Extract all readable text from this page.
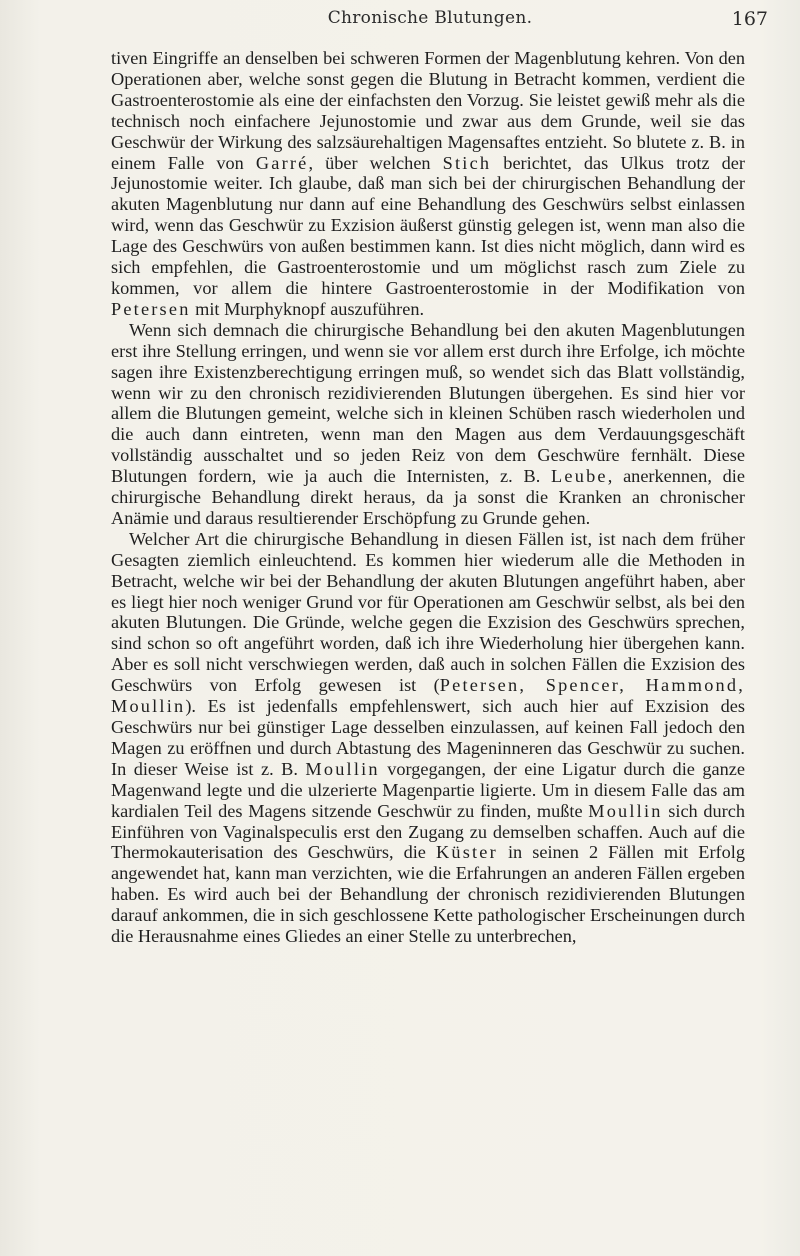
Chronische Blutungen.	167

tiven Eingriffe an denselben bei schweren Formen der Magenblutung kehren. Von den Operationen aber, welche sonst gegen die Blutung in Betracht kommen, verdient die Gastroenterostomie als eine der einfachsten den Vorzug. Sie leistet gewiß mehr als die technisch noch einfachere Jejunostomie und zwar aus dem Grunde, weil sie das Geschwür der Wirkung des salzsäurehaltigen Magensaftes entzieht. So blutete z. B. in einem Falle von Garré, über welchen Stich berichtet, das Ulkus trotz der Jejunostomie weiter. Ich glaube, daß man sich bei der chirurgischen Behandlung der akuten Magenblutung nur dann auf eine Behandlung des Geschwürs selbst einlassen wird, wenn das Geschwür zu Exzision äußerst günstig gelegen ist, wenn man also die Lage des Geschwürs von außen bestimmen kann. Ist dies nicht möglich, dann wird es sich empfehlen, die Gastroenterostomie und um möglichst rasch zum Ziele zu kommen, vor allem die hintere Gastroenterostomie in der Modifikation von Petersen mit Murphyknopf auszuführen.

Wenn sich demnach die chirurgische Behandlung bei den akuten Magenblutungen erst ihre Stellung erringen, und wenn sie vor allem erst durch ihre Erfolge, ich möchte sagen ihre Existenzberechtigung erringen muß, so wendet sich das Blatt vollständig, wenn wir zu den chronisch rezidivierenden Blutungen übergehen. Es sind hier vor allem die Blutungen gemeint, welche sich in kleinen Schüben rasch wiederholen und die auch dann eintreten, wenn man den Magen aus dem Verdauungsgeschäft vollständig ausschaltet und so jeden Reiz von dem Geschwüre fernhält. Diese Blutungen fordern, wie ja auch die Internisten, z. B. Leube, anerkennen, die chirurgische Behandlung direkt heraus, da ja sonst die Kranken an chronischer Anämie und daraus resultierender Erschöpfung zu Grunde gehen.

Welcher Art die chirurgische Behandlung in diesen Fällen ist, ist nach dem früher Gesagten ziemlich einleuchtend. Es kommen hier wiederum alle die Methoden in Betracht, welche wir bei der Behandlung der akuten Blutungen angeführt haben, aber es liegt hier noch weniger Grund vor für Operationen am Geschwür selbst, als bei den akuten Blutungen. Die Gründe, welche gegen die Exzision des Geschwürs sprechen, sind schon so oft angeführt worden, daß ich ihre Wiederholung hier übergehen kann. Aber es soll nicht verschwiegen werden, daß auch in solchen Fällen die Exzision des Geschwürs von Erfolg gewesen ist (Petersen, Spencer, Hammond, Moullin). Es ist jedenfalls empfehlenswert, sich auch hier auf Exzision des Geschwürs nur bei günstiger Lage desselben einzulassen, auf keinen Fall jedoch den Magen zu eröffnen und durch Abtastung des Mageninneren das Geschwür zu suchen. In dieser Weise ist z. B. Moullin vorgegangen, der eine Ligatur durch die ganze Magenwand legte und die ulzerierte Magenpartie ligierte. Um in diesem Falle das am kardialen Teil des Magens sitzende Geschwür zu finden, mußte Moullin sich durch Einführen von Vaginalspeculis erst den Zugang zu demselben schaffen. Auch auf die Thermokauterisation des Geschwürs, die Küster in seinen 2 Fällen mit Erfolg angewendet hat, kann man verzichten, wie die Erfahrungen an anderen Fällen ergeben haben. Es wird auch bei der Behandlung der chronisch rezidivierenden Blutungen darauf ankommen, die in sich geschlossene Kette pathologischer Erscheinungen durch die Herausnahme eines Gliedes an einer Stelle zu unterbrechen,
